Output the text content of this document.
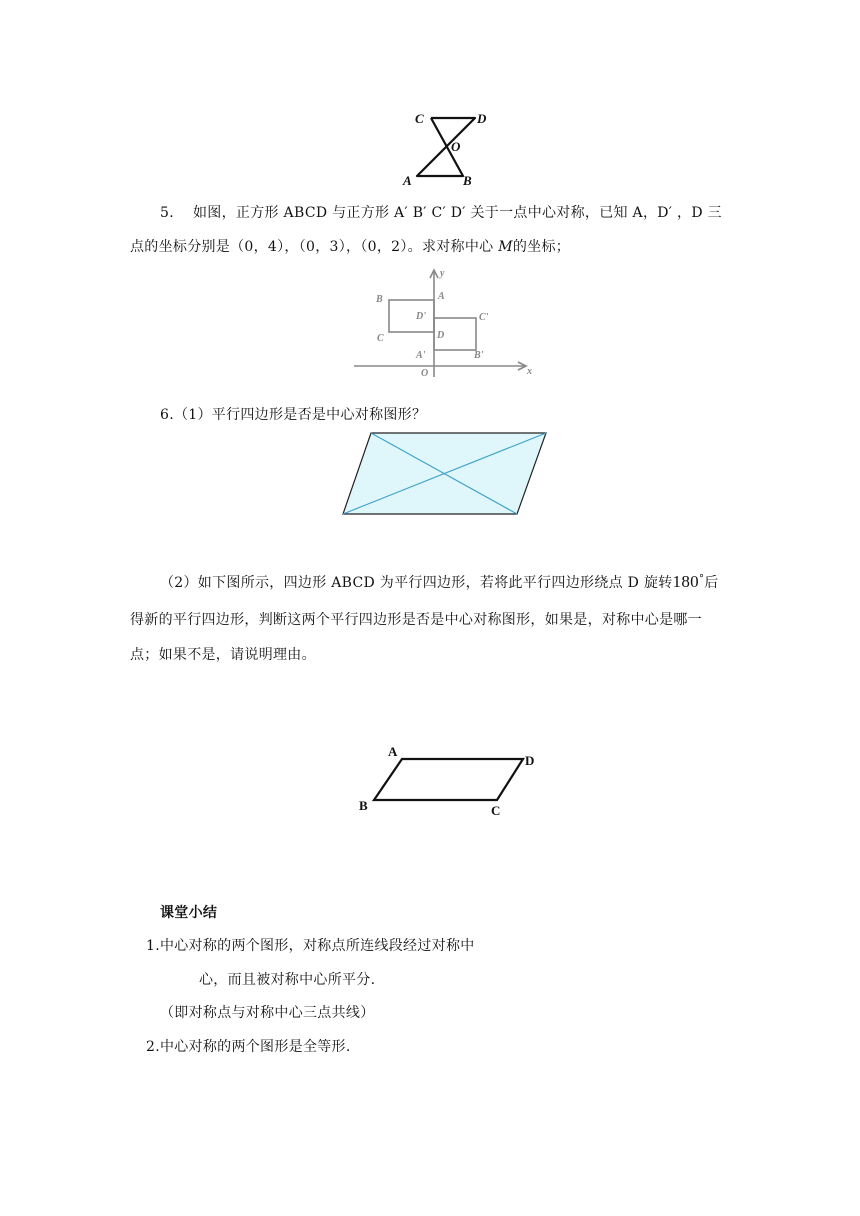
C	D
O
A	B
5.　 如图，正方形 ABCD 与正方形 A′ B′ C′ D′ 关于一点中心对称，已知 A，D′ ，D 三
点的坐标分别是（0，4），（0，3），（0，2）。求对称中心 M的坐标；
y
x
B	A
D'	C'
C	D
A'	B'
O
6.（1）平行四边形是否是中心对称图形？
（2）如下图所示，四边形 ABCD 为平行四边形，若将此平行四边形绕点 D 旋转180°后
得新的平行四边形，判断这两个平行四边形是否是中心对称图形，如果是，对称中心是哪一
点；如果不是，请说明理由。
A
D
B	C
课堂小结
1.中心对称的两个图形，对称点所连线段经过对称中
心，而且被对称中心所平分.
（即对称点与对称中心三点共线）
2.中心对称的两个图形是全等形.
